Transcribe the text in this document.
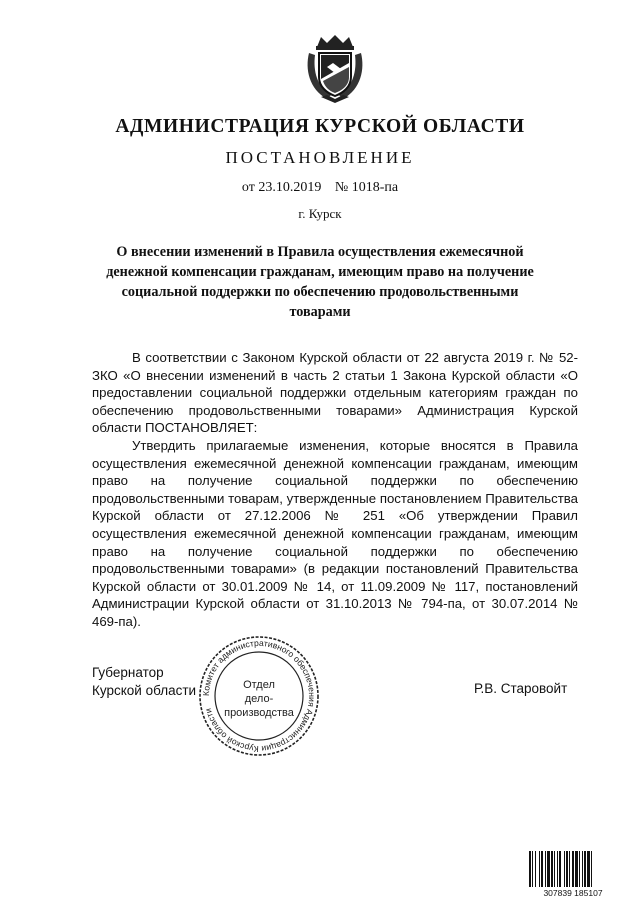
АДМИНИСТРАЦИЯ КУРСКОЙ ОБЛАСТИ
ПОСТАНОВЛЕНИЕ
от 23.10.2019 № 1018-па
г. Курск
О внесении изменений в Правила осуществления ежемесячной денежной компенсации гражданам, имеющим право на получение социальной поддержки по обеспечению продовольственными товарами

В соответствии с Законом Курской области от 22 августа 2019 г. № 52-ЗКО «О внесении изменений в часть 2 статьи 1 Закона Курской области «О предоставлении социальной поддержки отдельным категориям граждан по обеспечению продовольственными товарами» Администрация Курской области ПОСТАНОВЛЯЕТ:

Утвердить прилагаемые изменения, которые вносятся в Правила осуществления ежемесячной денежной компенсации гражданам, имеющим право на получение социальной поддержки по обеспечению продовольственными товарам, утвержденные постановлением Правительства Курской области от 27.12.2006 № 251 «Об утверждении Правил осуществления ежемесячной денежной компенсации гражданам, имеющим право на получение социальной поддержки по обеспечению продовольственными товарами» (в редакции постановлений Правительства Курской области от 30.01.2009 № 14, от 11.09.2009 № 117, постановлений Администрации Курской области от 31.10.2013 № 794-па, от 30.07.2014 № 469-па).

Губернатор
Курской области	Р.В. Старовойт
Комитет административного обеспечения Администрации Курской области
Отдел
дело-
производства
307839 185107
